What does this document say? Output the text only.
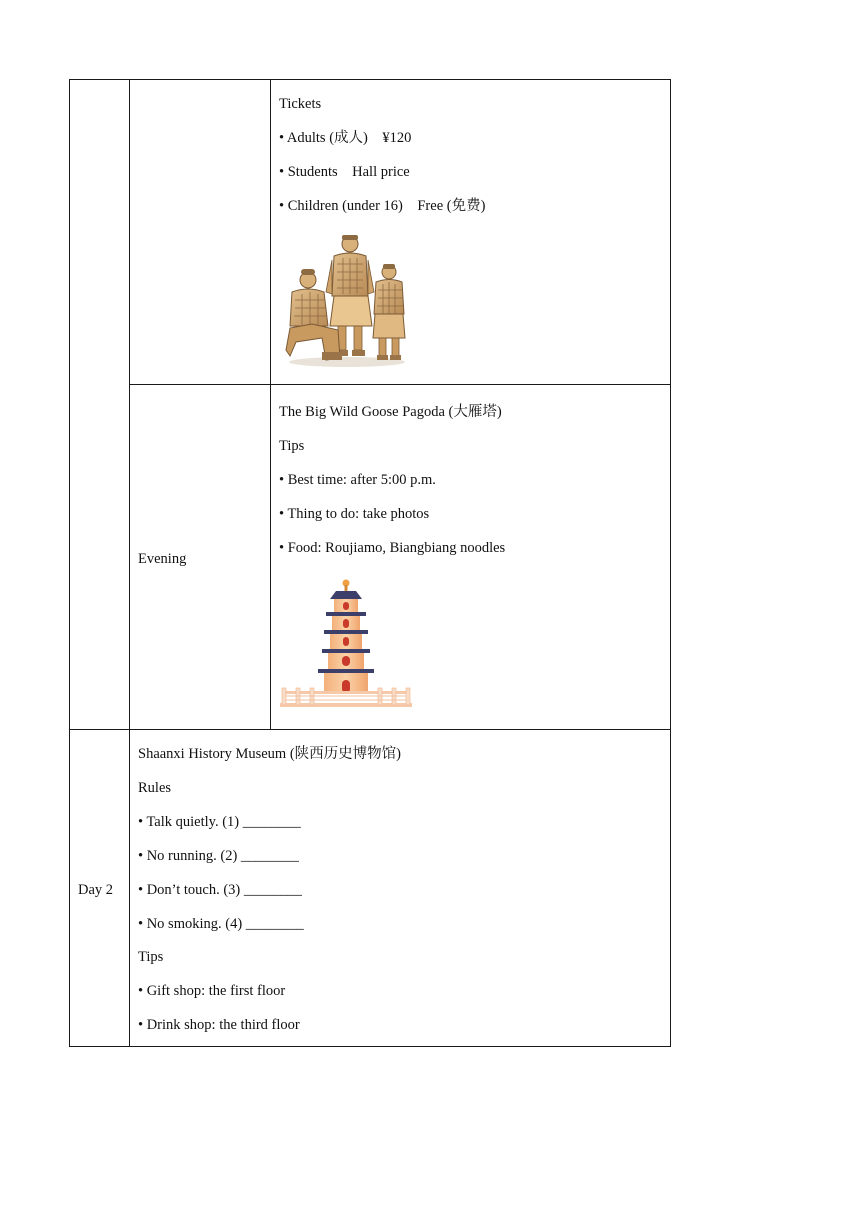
Tickets
• Adults (成人)    ¥120
• Students    Hall price
• Children (under 16)    Free (免费)
Evening
The Big Wild Goose Pagoda (大雁塔)
Tips
• Best time: after 5:00 p.m.
• Thing to do: take photos
• Food: Roujiamo, Biangbiang noodles
Day 2
Shaanxi History Museum (陕西历史博物馆)
Rules
• Talk quietly. (1) ________
• No running. (2) ________
• Don’t touch. (3) ________
• No smoking. (4) ________
Tips
• Gift shop: the first floor
• Drink shop: the third floor
